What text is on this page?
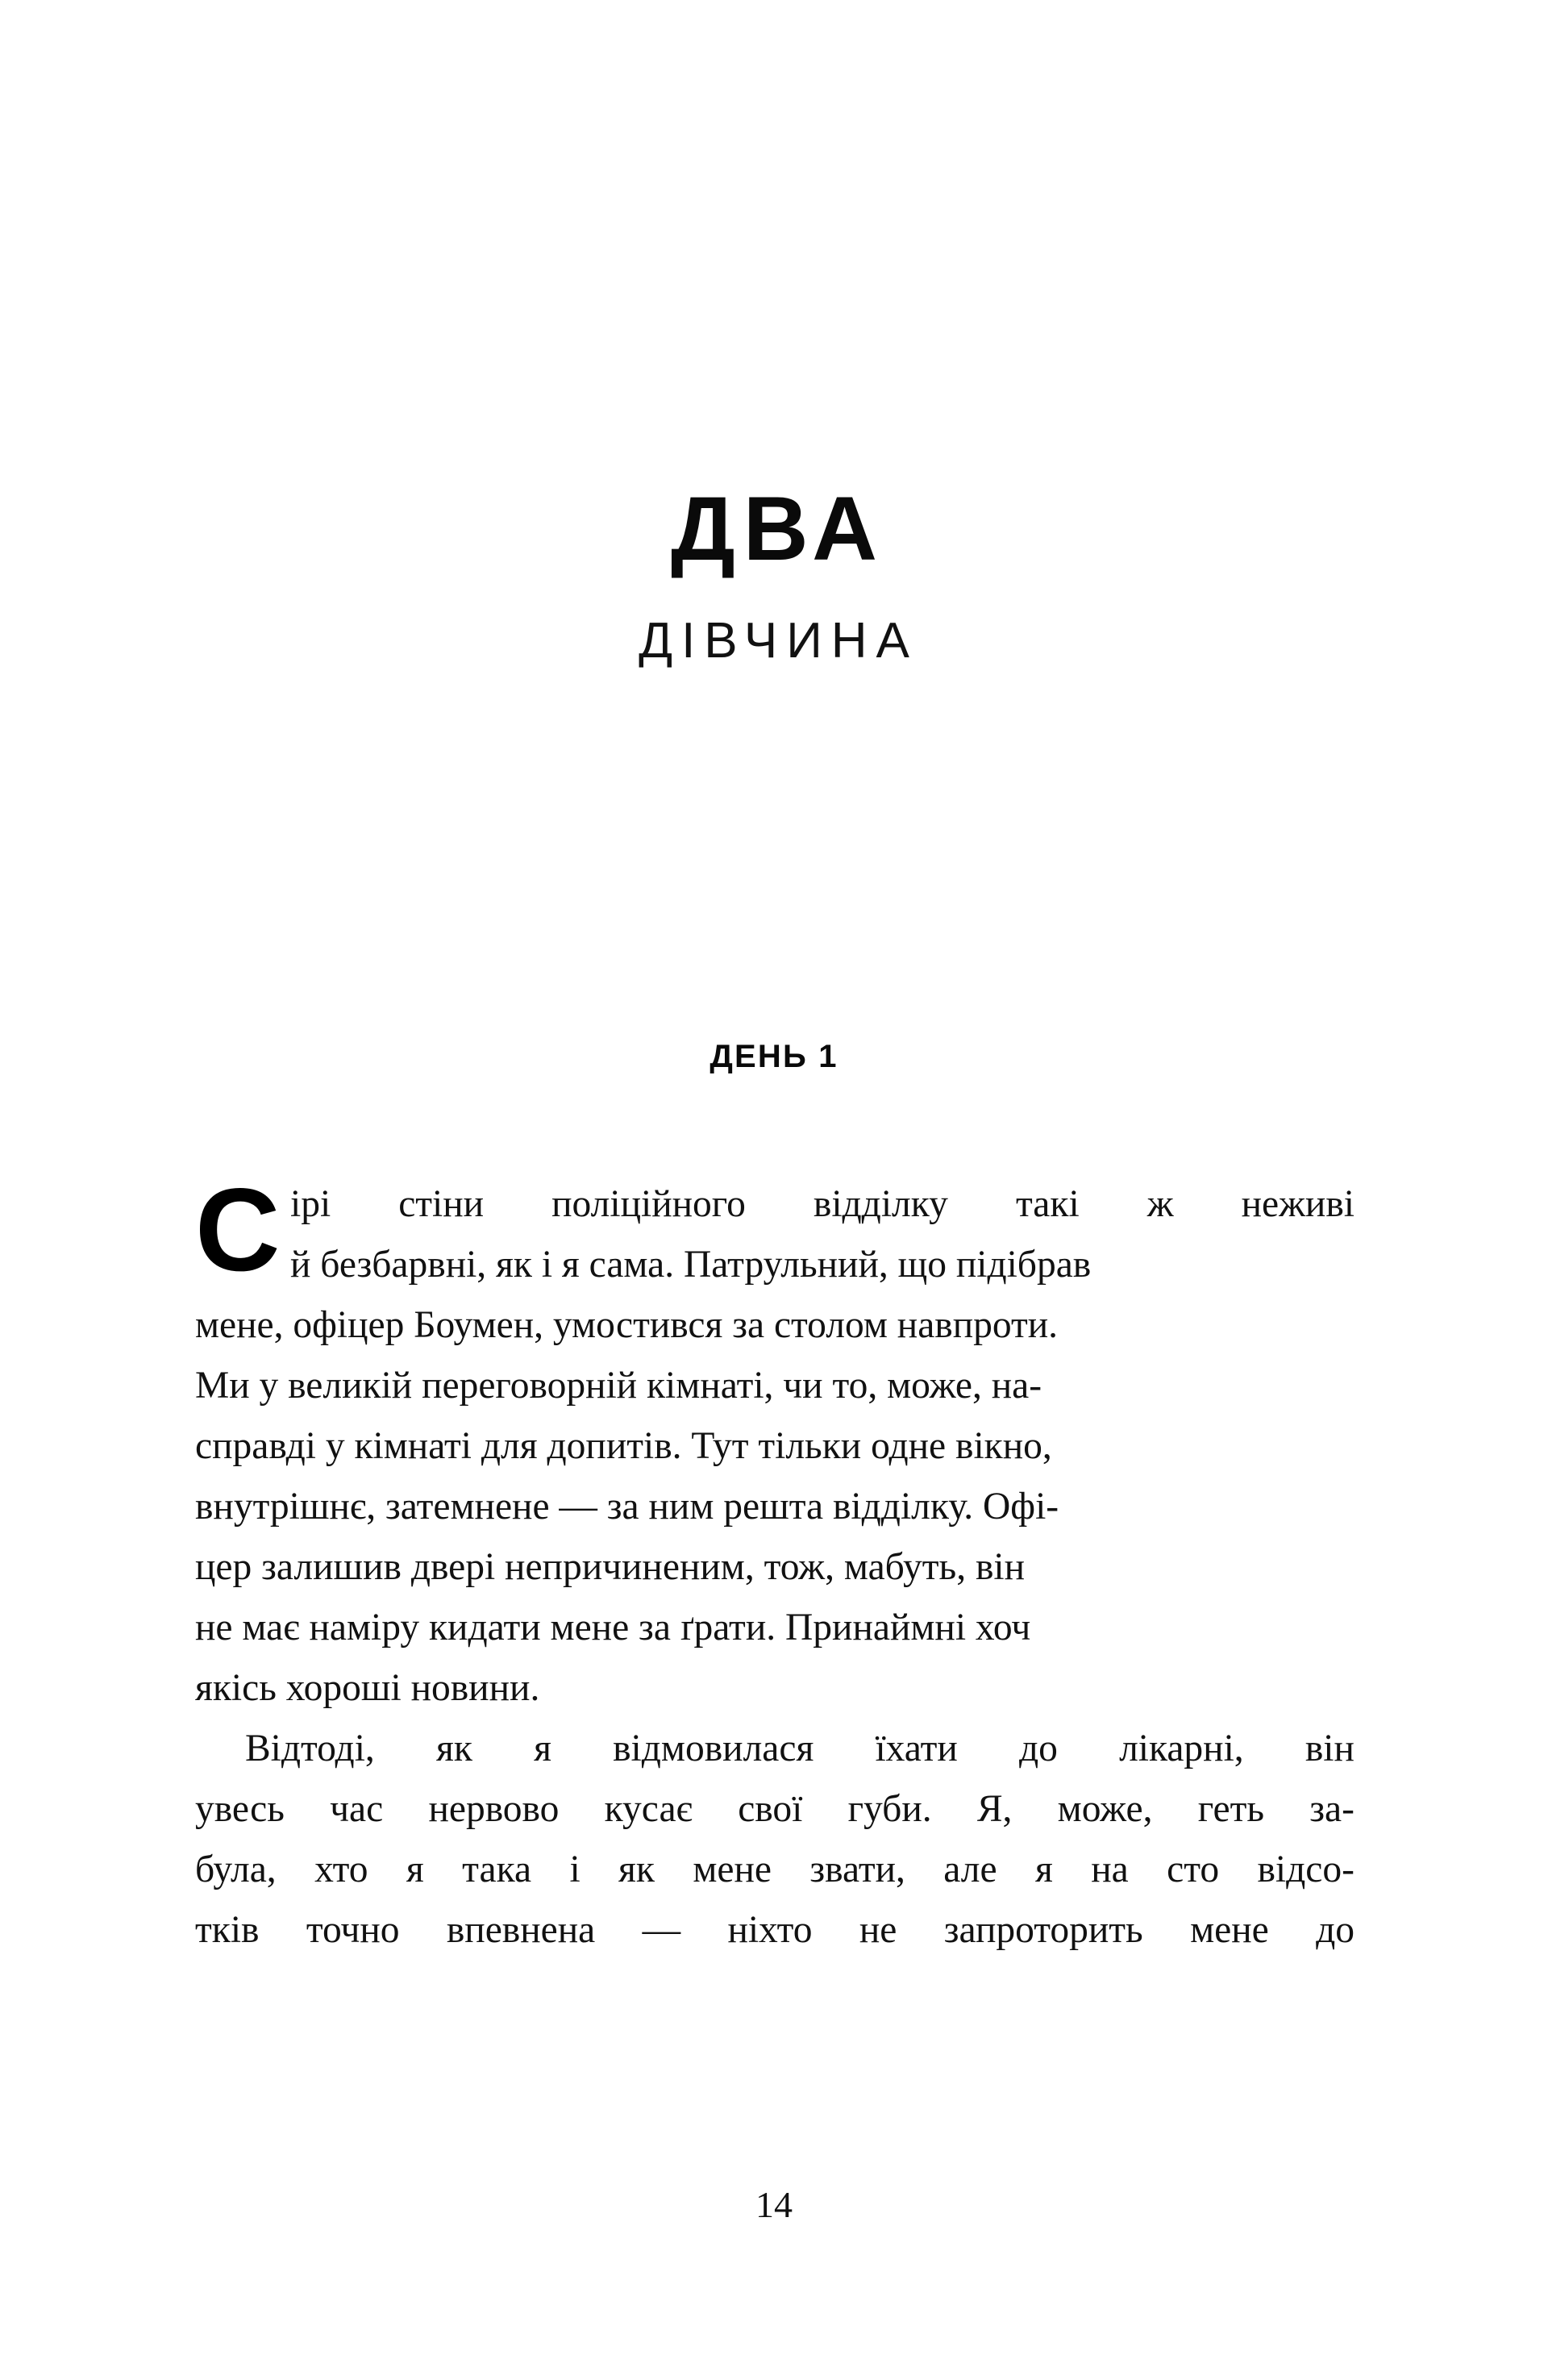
ДВА
ДІВЧИНА
ДЕНЬ 1
С ірі стіни поліційного відділку такі ж неживі
й безбарвні, як і я сама. Патрульний, що підібрав
мене, офіцер Боумен, умостився за столом навпроти.
Ми у великій переговорній кімнаті, чи то, може, на-
справді у кімнаті для допитів. Тут тільки одне вікно,
внутрішнє, затемнене — за ним решта відділку. Офі-
цер залишив двері непричиненим, тож, мабуть, він
не має наміру кидати мене за ґрати. Принаймні хоч
якісь хороші новини.
Відтоді, як я відмовилася їхати до лікарні, він
увесь час нервово кусає свої губи. Я, може, геть за-
була, хто я така і як мене звати, але я на сто відсо-
тків точно впевнена — ніхто не запроторить мене до
14
